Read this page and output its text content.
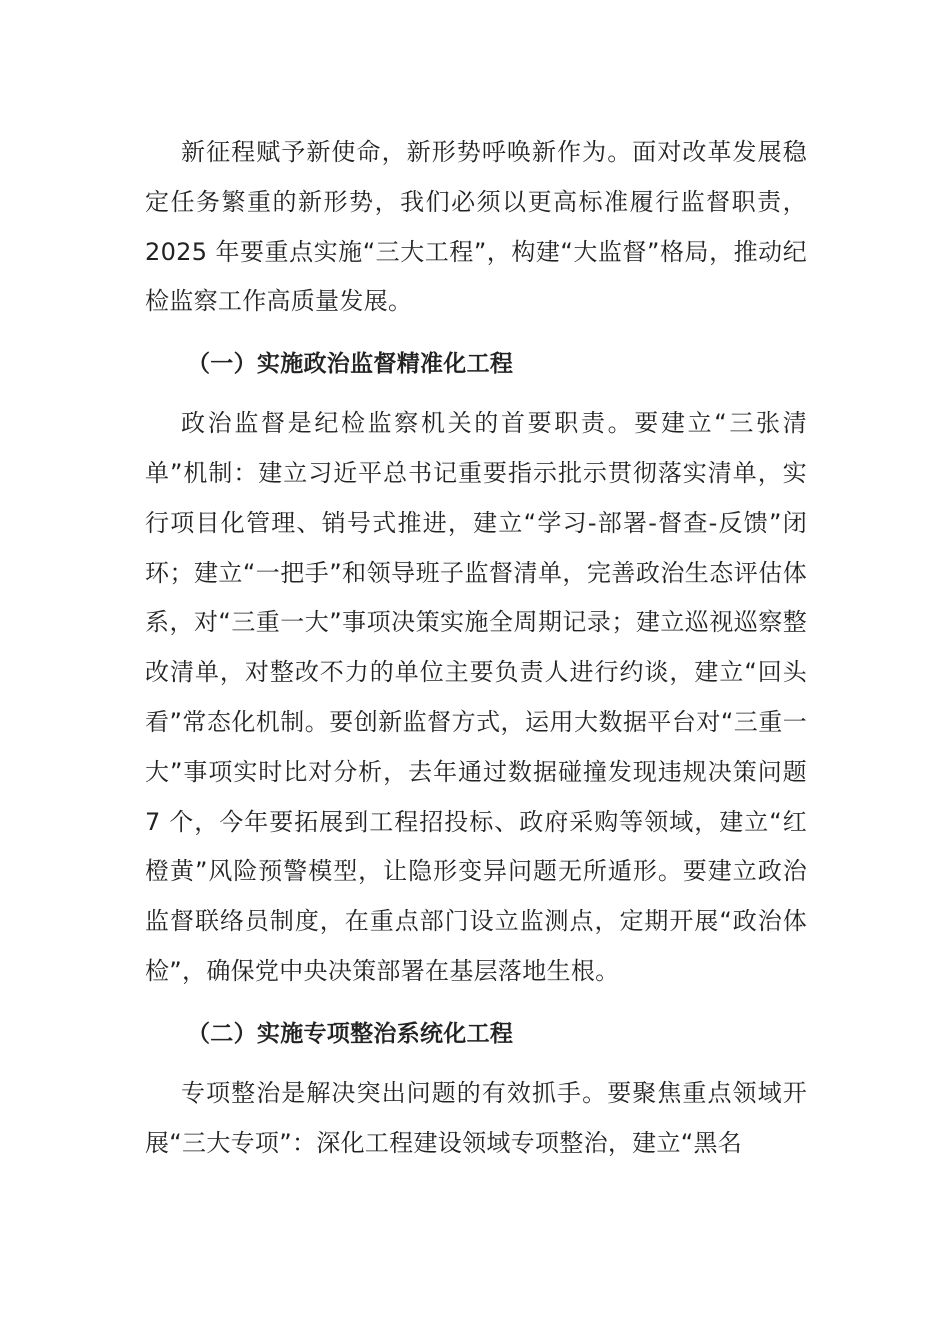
新征程赋予新使命，新形势呼唤新作为。面对改革发展稳定任务繁重的新形势，我们必须以更高标准履行监督职责，2025 年要重点实施“三大工程”，构建“大监督”格局，推动纪检监察工作高质量发展。

（一）实施政治监督精准化工程

政治监督是纪检监察机关的首要职责。要建立“三张清单”机制：建立习近平总书记重要指示批示贯彻落实清单，实行项目化管理、销号式推进，建立“学习-部署-督查-反馈”闭环；建立“一把手”和领导班子监督清单，完善政治生态评估体系，对“三重一大”事项决策实施全周期记录；建立巡视巡察整改清单，对整改不力的单位主要负责人进行约谈，建立“回头看”常态化机制。要创新监督方式，运用大数据平台对“三重一大”事项实时比对分析，去年通过数据碰撞发现违规决策问题 7 个，今年要拓展到工程招投标、政府采购等领域，建立“红橙黄”风险预警模型，让隐形变异问题无所遁形。要建立政治监督联络员制度，在重点部门设立监测点，定期开展“政治体检”，确保党中央决策部署在基层落地生根。

（二）实施专项整治系统化工程

专项整治是解决突出问题的有效抓手。要聚焦重点领域开展“三大专项”：深化工程建设领域专项整治，建立“黑名
